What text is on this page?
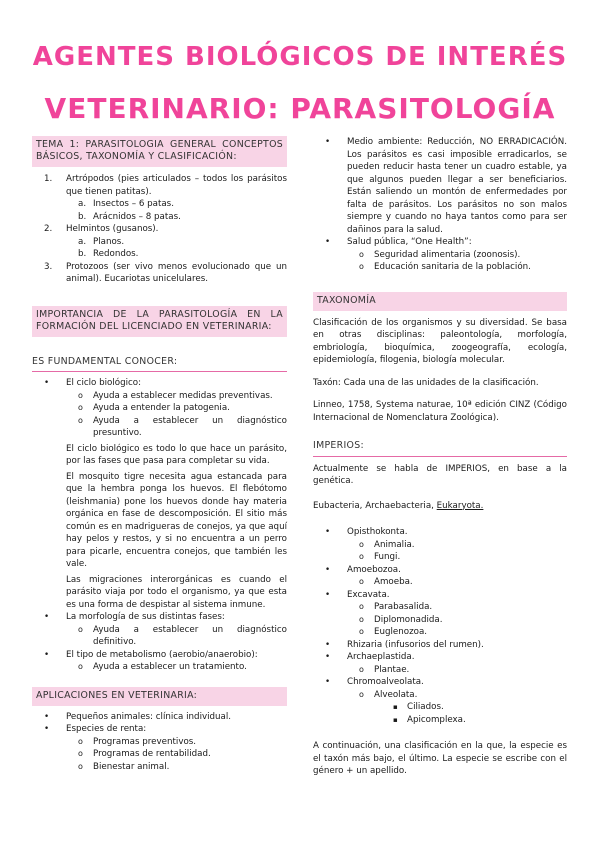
AGENTES BIOLÓGICOS DE INTERÉS
VETERINARIO: PARASITOLOGÍA
TEMA 1: PARASITOLOGIA GENERAL CONCEPTOS BÁSICOS, TAXONOMÍA Y CLASIFICACIÓN:
1.	Artrópodos (pies articulados – todos los parásitos que tienen patitas).
a. Insectos – 6 patas.
b. Arácnidos – 8 patas.
2.	Helmintos (gusanos).
a. Planos.
b. Redondos.
3.	Protozoos (ser vivo menos evolucionado que un animal). Eucariotas unicelulares.
IMPORTANCIA DE LA PARASITOLOGÍA EN LA FORMACIÓN DEL LICENCIADO EN VETERINARIA:
ES FUNDAMENTAL CONOCER:
•	El ciclo biológico:
o	Ayuda a establecer medidas preventivas.
o	Ayuda a entender la patogenia.
o	Ayuda a establecer un diagnóstico presuntivo.
El ciclo biológico es todo lo que hace un parásito, por las fases que pasa para completar su vida.
El mosquito tigre necesita agua estancada para que la hembra ponga los huevos. El flebótomo (leishmania) pone los huevos donde hay materia orgánica en fase de descomposición. El sitio más común es en madrigueras de conejos, ya que aquí hay pelos y restos, y si no encuentra a un perro para picarle, encuentra conejos, que también les vale.
Las migraciones interorgánicas es cuando el parásito viaja por todo el organismo, ya que esta es una forma de despistar al sistema inmune.
•	La morfología de sus distintas fases:
o	Ayuda a establecer un diagnóstico definitivo.
•	El tipo de metabolismo (aerobio/anaerobio):
o	Ayuda a establecer un tratamiento.
APLICACIONES EN VETERINARIA:
•	Pequeños animales: clínica individual.
•	Especies de renta:
o	Programas preventivos.
o	Programas de rentabilidad.
o	Bienestar animal.
•	Medio ambiente: Reducción, NO ERRADICACIÓN. Los parásitos es casi imposible erradicarlos, se pueden reducir hasta tener un cuadro estable, ya que algunos pueden llegar a ser beneficiarios. Están saliendo un montón de enfermedades por falta de parásitos. Los parásitos no son malos siempre y cuando no haya tantos como para ser dañinos para la salud.
•	Salud pública, “One Health”:
o	Seguridad alimentaria (zoonosis).
o	Educación sanitaria de la población.
TAXONOMÍA
Clasificación de los organismos y su diversidad. Se basa en otras disciplinas: paleontología, morfología, embriología, bioquímica, zoogeografía, ecología, epidemiología, filogenia, biología molecular.
Taxón: Cada una de las unidades de la clasificación.
Linneo, 1758, Systema naturae, 10ª edición CINZ (Código Internacional de Nomenclatura Zoológica).
IMPERIOS:
Actualmente se habla de IMPERIOS, en base a la genética.
Eubacteria, Archaebacteria, Eukaryota.
•	Opisthokonta.
o	Animalia.
o	Fungi.
•	Amoebozoa.
o	Amoeba.
•	Excavata.
o	Parabasalida.
o	Diplomonadida.
o	Euglenozoa.
•	Rhizaria (infusorios del rumen).
•	Archaeplastida.
o	Plantae.
•	Chromoalveolata.
o	Alveolata.
▪	Ciliados.
▪	Apicomplexa.
A continuación, una clasificación en la que, la especie es el taxón más bajo, el último. La especie se escribe con el género + un apellido.
